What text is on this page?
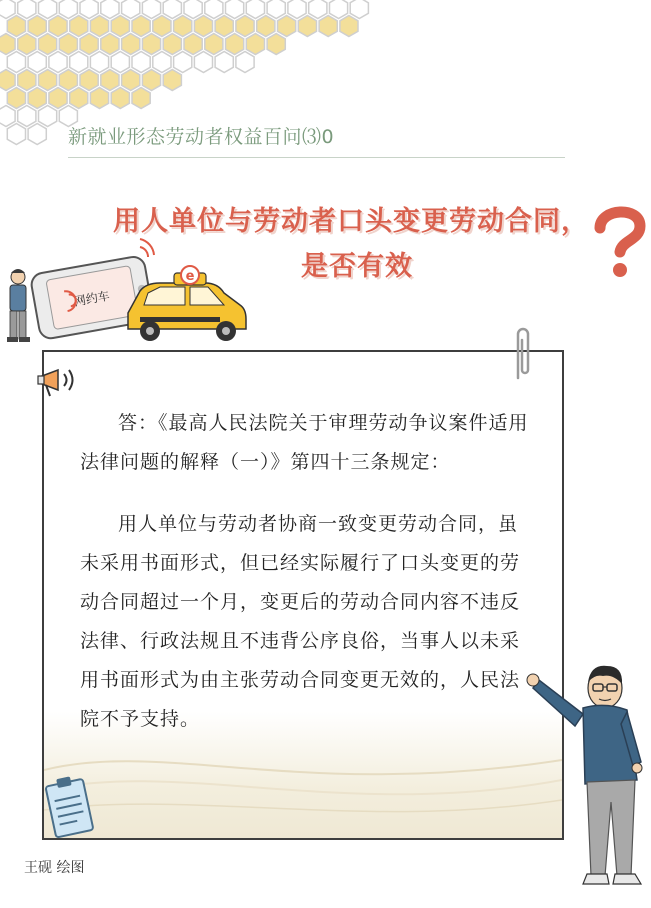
新就业形态劳动者权益百问⑶0
用人单位与劳动者口头变更劳动合同，
是否有效
网约车
e
答：《最高人民法院关于审理劳动争议案件适用法律问题的解释（一）》第四十三条规定：
用人单位与劳动者协商一致变更劳动合同，虽未采用书面形式，但已经实际履行了口头变更的劳动合同超过一个月，变更后的劳动合同内容不违反法律、行政法规且不违背公序良俗，当事人以未采用书面形式为由主张劳动合同变更无效的，人民法院不予支持。
王砚 绘图
